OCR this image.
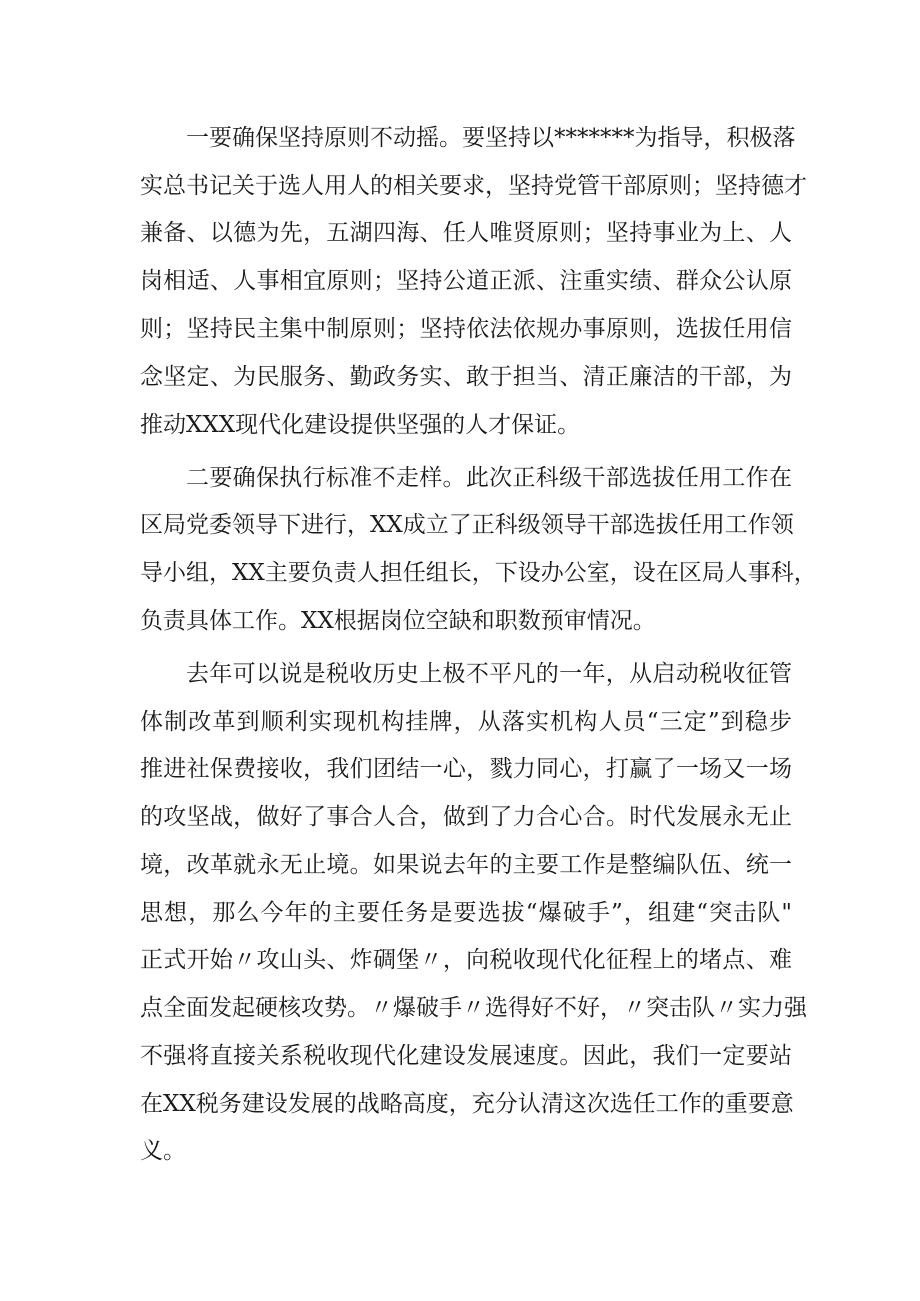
一要确保坚持原则不动摇。要坚持以*******为指导，积极落
实总书记关于选人用人的相关要求，坚持党管干部原则；坚持德才
兼备、以德为先，五湖四海、任人唯贤原则；坚持事业为上、人
岗相适、人事相宜原则；坚持公道正派、注重实绩、群众公认原
则；坚持民主集中制原则；坚持依法依规办事原则，选拔任用信
念坚定、为民服务、勤政务实、敢于担当、清正廉洁的干部，为
推动XXX现代化建设提供坚强的人才保证。
二要确保执行标准不走样。此次正科级干部选拔任用工作在
区局党委领导下进行，XX成立了正科级领导干部选拔任用工作领
导小组，XX主要负责人担任组长，下设办公室，设在区局人事科，
负责具体工作。XX根据岗位空缺和职数预审情况。
去年可以说是税收历史上极不平凡的一年，从启动税收征管
体制改革到顺利实现机构挂牌，从落实机构人员“三定”到稳步
推进社保费接收，我们团结一心，戮力同心，打赢了一场又一场
的攻坚战，做好了事合人合，做到了力合心合。时代发展永无止
境，改革就永无止境。如果说去年的主要工作是整编队伍、统一
思想，那么今年的主要任务是要选拔“爆破手”，组建“突击队"
正式开始〃攻山头、炸碉堡〃，向税收现代化征程上的堵点、难
点全面发起硬核攻势。〃爆破手〃选得好不好，〃突击队〃实力强
不强将直接关系税收现代化建设发展速度。因此，我们一定要站
在XX税务建设发展的战略高度，充分认清这次选任工作的重要意
义。
